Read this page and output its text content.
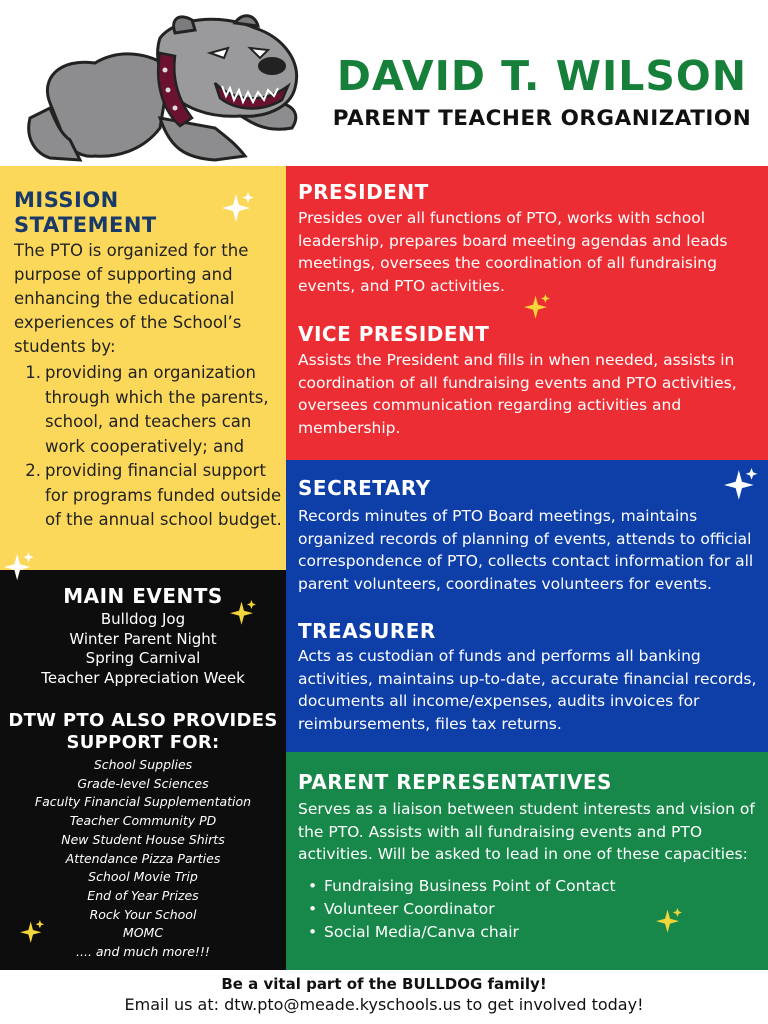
DAVID T. WILSON
PARENT TEACHER ORGANIZATION
MISSION
STATEMENT
The PTO is organized for the purpose of supporting and enhancing the educational experiences of the School’s students by:
1. providing an organization through which the parents, school, and teachers can work cooperatively; and
2. providing financial support for programs funded outside of the annual school budget.
MAIN EVENTS
Bulldog Jog
Winter Parent Night
Spring Carnival
Teacher Appreciation Week
DTW PTO ALSO PROVIDES
SUPPORT FOR:
School Supplies
Grade-level Sciences
Faculty Financial Supplementation
Teacher Community PD
New Student House Shirts
Attendance Pizza Parties
School Movie Trip
End of Year Prizes
Rock Your School
MOMC
.... and much more!!!
PRESIDENT
Presides over all functions of PTO, works with school leadership, prepares board meeting agendas and leads meetings, oversees the coordination of all fundraising events, and PTO activities.
VICE PRESIDENT
Assists the President and fills in when needed, assists in coordination of all fundraising events and PTO activities, oversees communication regarding activities and membership.
SECRETARY
Records minutes of PTO Board meetings, maintains organized records of planning of events, attends to official correspondence of PTO, collects contact information for all parent volunteers, coordinates volunteers for events.
TREASURER
Acts as custodian of funds and performs all banking activities, maintains up-to-date, accurate financial records, documents all income/expenses, audits invoices for reimbursements, files tax returns.
PARENT REPRESENTATIVES
Serves as a liaison between student interests and vision of the PTO. Assists with all fundraising events and PTO activities. Will be asked to lead in one of these capacities:
• Fundraising Business Point of Contact
• Volunteer Coordinator
• Social Media/Canva chair
Be a vital part of the BULLDOG family!
Email us at: dtw.pto@meade.kyschools.us to get involved today!
